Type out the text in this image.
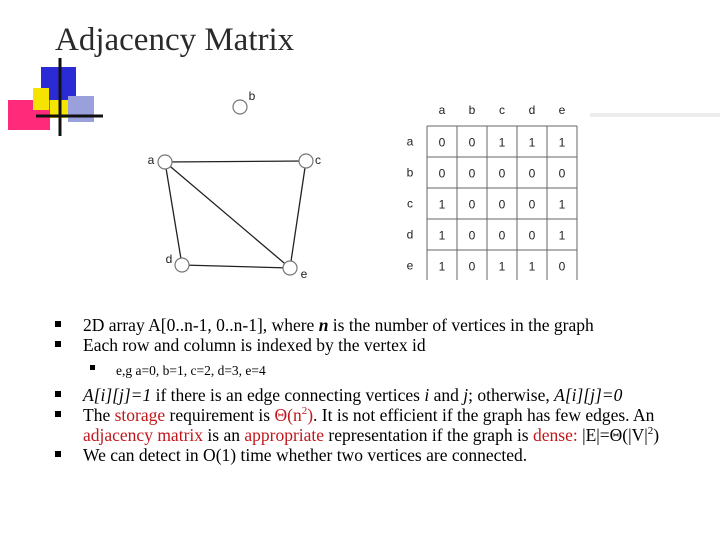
Adjacency Matrix
a
b
c
d
e
a
a
b
b
c
c
d
d
e
e
0 0 1 1 1
0 0 0 0 0
1 0 0 0 1
1 0 0 0 1
1 0 1 1 0
2D array A[0..n-1, 0..n-1], where n is the number of vertices in the graph
Each row and column is indexed by the vertex id
e,g a=0, b=1, c=2, d=3, e=4
A[i][j]=1 if there is an edge connecting vertices i and j; otherwise, A[i][j]=0
The storage requirement is $\Theta(n^2)$. It is not efficient if the graph has few edges. An adjacency matrix is an appropriate representation if the graph is dense: $|E|=\Theta(|V|^2)$
We can detect in O(1) time whether two vertices are connected.
